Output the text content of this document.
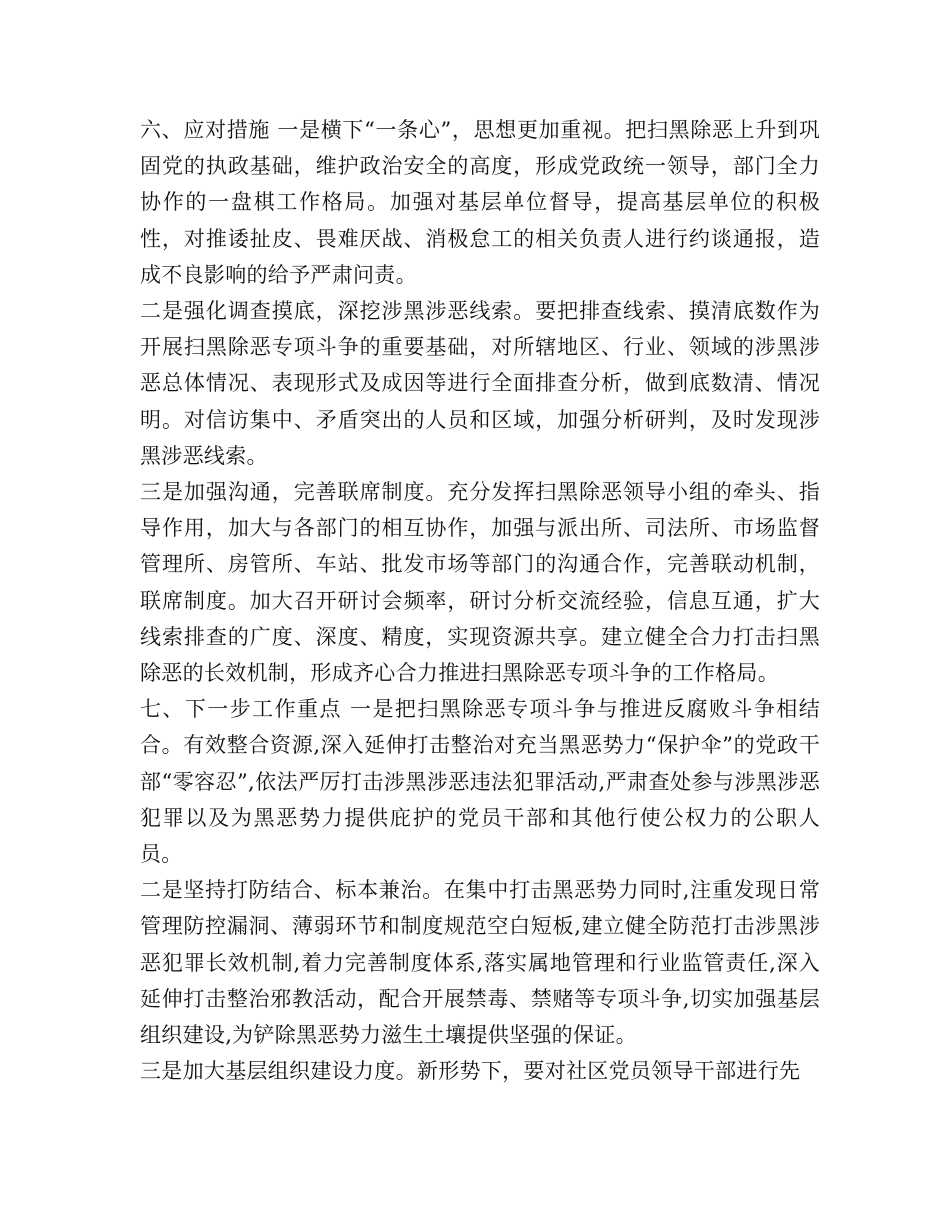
六、应对措施 一是横下“一条心”，思想更加重视。把扫黑除恶上升到巩固党的执政基础，维护政治安全的高度，形成党政统一领导，部门全力协作的一盘棋工作格局。加强对基层单位督导，提高基层单位的积极性，对推诿扯皮、畏难厌战、消极怠工的相关负责人进行约谈通报，造成不良影响的给予严肃问责。

二是强化调查摸底，深挖涉黑涉恶线索。要把排查线索、摸清底数作为开展扫黑除恶专项斗争的重要基础，对所辖地区、行业、领域的涉黑涉恶总体情况、表现形式及成因等进行全面排查分析，做到底数清、情况明。对信访集中、矛盾突出的人员和区域，加强分析研判，及时发现涉黑涉恶线索。

三是加强沟通，完善联席制度。充分发挥扫黑除恶领导小组的牵头、指导作用，加大与各部门的相互协作，加强与派出所、司法所、市场监督管理所、房管所、车站、批发市场等部门的沟通合作，完善联动机制，联席制度。加大召开研讨会频率，研讨分析交流经验，信息互通，扩大线索排查的广度、深度、精度，实现资源共享。建立健全合力打击扫黑除恶的长效机制，形成齐心合力推进扫黑除恶专项斗争的工作格局。

七、下一步工作重点 一是把扫黑除恶专项斗争与推进反腐败斗争相结合。有效整合资源,深入延伸打击整治对充当黑恶势力“保护伞”的党政干部“零容忍”,依法严厉打击涉黑涉恶违法犯罪活动,严肃查处参与涉黑涉恶犯罪以及为黑恶势力提供庇护的党员干部和其他行使公权力的公职人员。

二是坚持打防结合、标本兼治。在集中打击黑恶势力同时,注重发现日常管理防控漏洞、薄弱环节和制度规范空白短板,建立健全防范打击涉黑涉恶犯罪长效机制,着力完善制度体系,落实属地管理和行业监管责任,深入延伸打击整治邪教活动，配合开展禁毒、禁赌等专项斗争,切实加强基层组织建设,为铲除黑恶势力滋生土壤提供坚强的保证。

三是加大基层组织建设力度。新形势下，要对社区党员领导干部进行先
